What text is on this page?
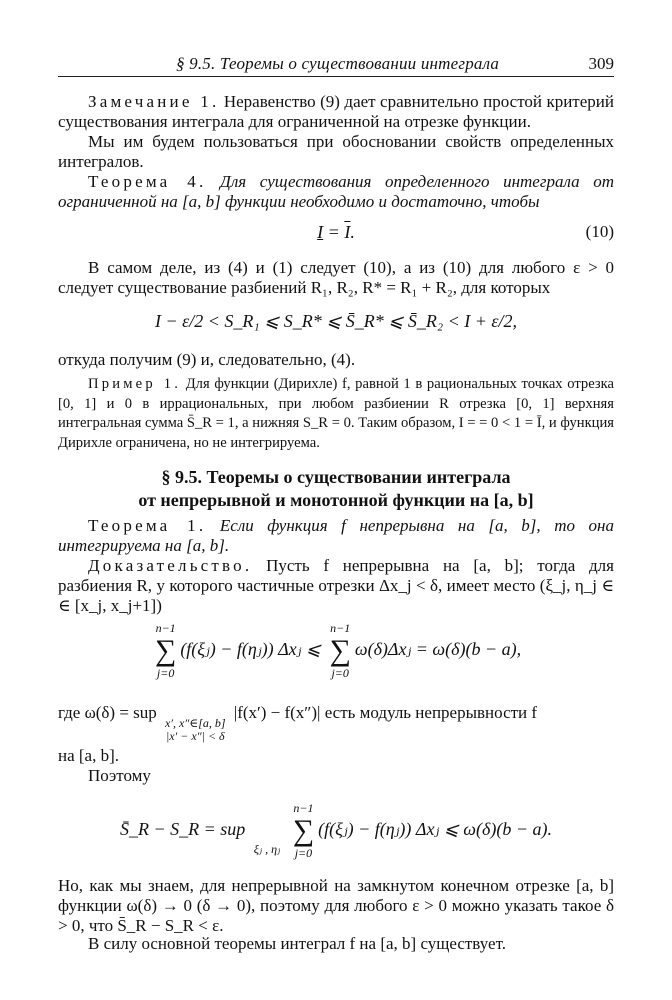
§ 9.5. Теоремы о существовании интеграла	309
Замечание 1. Неравенство (9) дает сравнительно простой критерий существования интеграла для ограниченной на отрезке функции.
Мы им будем пользоваться при обосновании свойств определенных интегралов.
Теорема 4. Для существования определенного интеграла от ограниченной на [a, b] функции необходимо и достаточно, чтобы
$I = \overline{I}$.	(10)
В самом деле, из (4) и (1) следует (10), а из (10) для любого ε > 0 следует существование разбиений R₁, R₂, R* = R₁ + R₂, для которых
I − ε/2 < S_R₁ ⩽ S_R* ⩽ S̄_R* ⩽ S̄_R₂ < I + ε/2,
откуда получим (9) и, следовательно, (4).
Пример 1. Для функции (Дирихле) f, равной 1 в рациональных точках отрезка [0, 1] и 0 в иррациональных, при любом разбиении R отрезка [0, 1] верхняя интегральная сумма S̄_R = 1, а нижняя S_R = 0. Таким образом, I = = 0 < 1 = Ī, и функция Дирихле ограничена, но не интегрируема.
§ 9.5. Теоремы о существовании интеграла
от непрерывной и монотонной функции на [a, b]
Теорема 1. Если функция f непрерывна на [a, b], то она интегрируема на [a, b].
Доказательство. Пусть f непрерывна на [a, b]; тогда для разбиения R, у которого частичные отрезки Δx_j < δ, имеет место (ξ_j, η_j ∈ ∈ [x_j, x_j+1])
n−1
∑
j=0
(f(ξⱼ) − f(ηⱼ)) Δxⱼ ⩽
n−1
∑
j=0
ω(δ)Δxⱼ = ω(δ)(b − a),
где ω(δ) = sup
x′, x″∈[a, b]
|x′ − x″| < δ
|f(x′) − f(x″)| есть модуль непрерывности f
на [a, b].
Поэтому
S̄_R − S_R = sup
ξⱼ , ηⱼ

n−1
∑
j=0
(f(ξⱼ) − f(ηⱼ)) Δxⱼ ⩽ ω(δ)(b − a).
Но, как мы знаем, для непрерывной на замкнутом конечном отрезке [a, b] функции ω(δ) → 0 (δ → 0), поэтому для любого ε > 0 можно указать такое δ > 0, что S̄_R − S_R < ε.
В силу основной теоремы интеграл f на [a, b] существует.
